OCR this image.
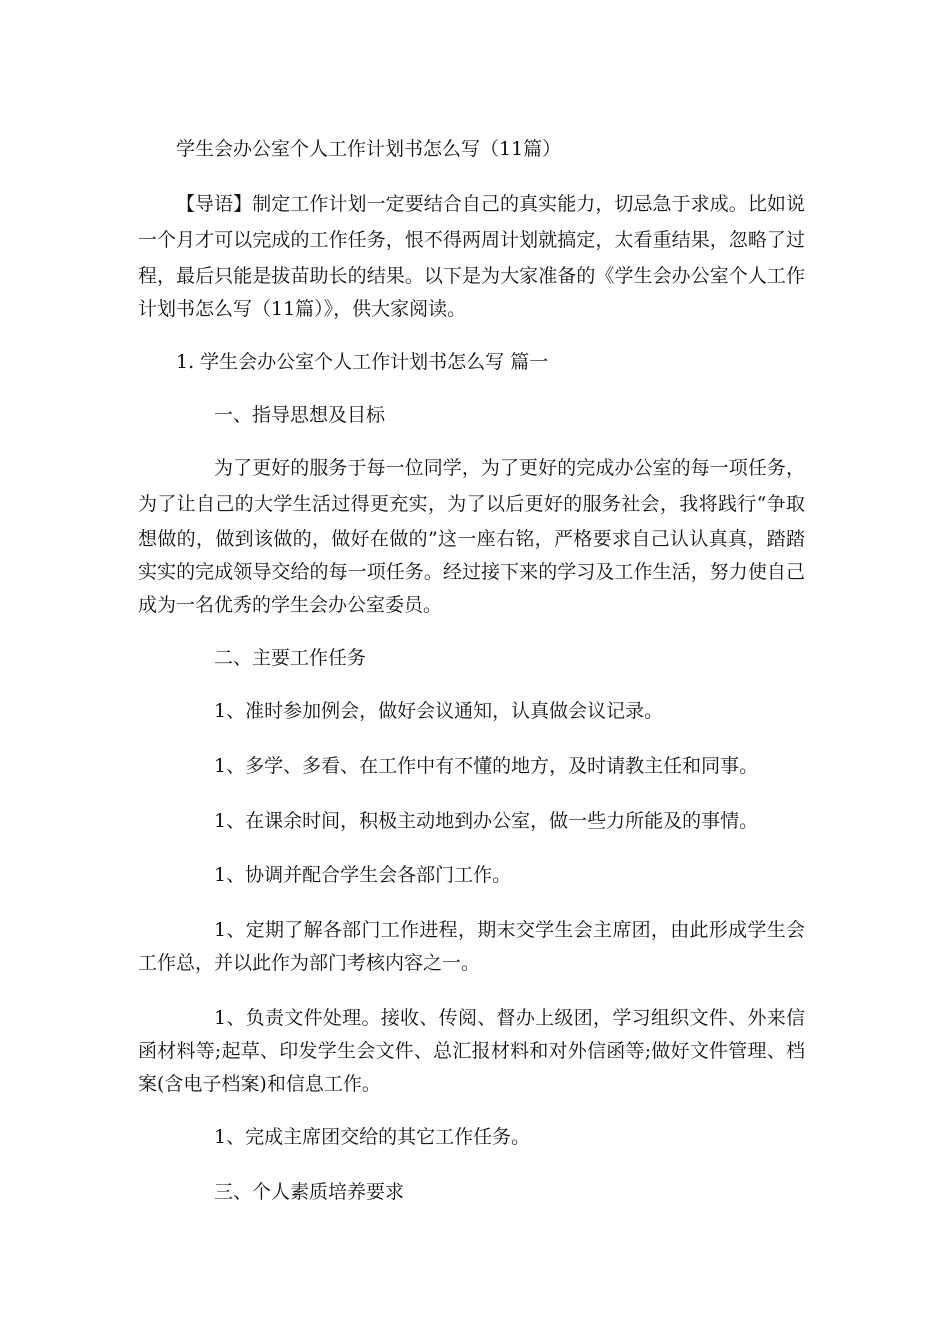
学生会办公室个人工作计划书怎么写（11篇）
【导语】制定工作计划一定要结合自己的真实能力，切忌急于求成。比如说
一个月才可以完成的工作任务，恨不得两周计划就搞定，太看重结果，忽略了过
程，最后只能是拔苗助长的结果。以下是为大家准备的《学生会办公室个人工作
计划书怎么写（11篇）》，供大家阅读。
1. 学生会办公室个人工作计划书怎么写 篇一
一、指导思想及目标
为了更好的服务于每一位同学，为了更好的完成办公室的每一项任务，
为了让自己的大学生活过得更充实，为了以后更好的服务社会，我将践行“争取
想做的，做到该做的，做好在做的”这一座右铭，严格要求自己认认真真，踏踏
实实的完成领导交给的每一项任务。经过接下来的学习及工作生活，努力使自己
成为一名优秀的学生会办公室委员。
二、主要工作任务
1、准时参加例会，做好会议通知，认真做会议记录。
1、多学、多看、在工作中有不懂的地方，及时请教主任和同事。
1、在课余时间，积极主动地到办公室，做一些力所能及的事情。
1、协调并配合学生会各部门工作。
1、定期了解各部门工作进程，期末交学生会主席团，由此形成学生会
工作总，并以此作为部门考核内容之一。
1、负责文件处理。接收、传阅、督办上级团，学习组织文件、外来信
函材料等;起草、印发学生会文件、总汇报材料和对外信函等;做好文件管理、档
案(含电子档案)和信息工作。
1、完成主席团交给的其它工作任务。
三、个人素质培养要求
